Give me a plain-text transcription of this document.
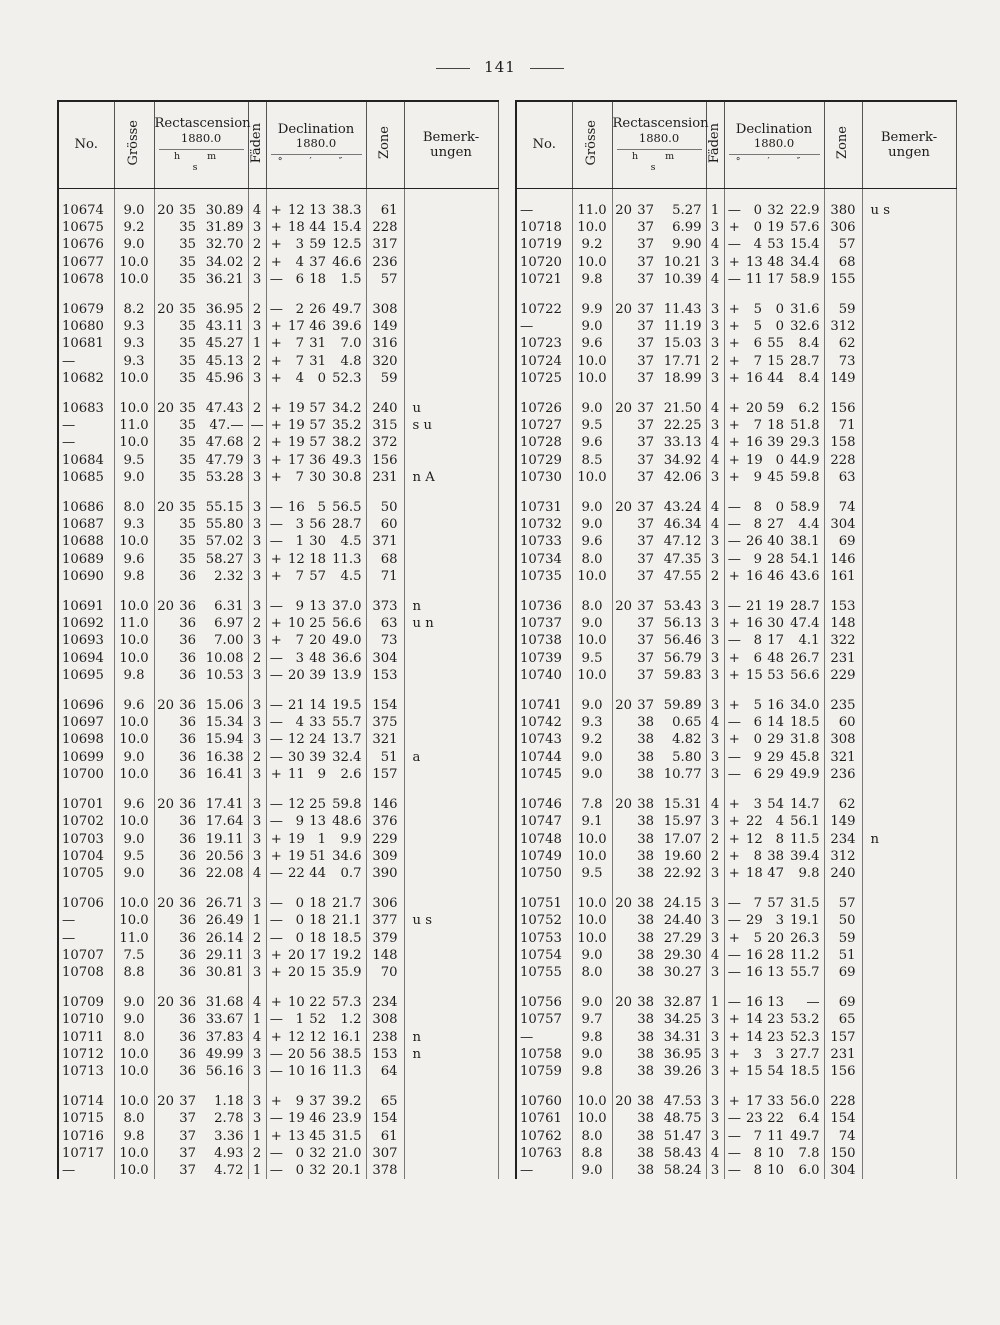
141
No.	Grösse	Rectascension
1880.0
h m s			Fäden	Declination
1880.0
° ′ ″				Zone	Bemerk- ungen

10674	9.0	20	35	30.89	4	+	12	13	38.3	61	
10675	9.2		35	31.89	3	+	18	44	15.4	228	
10676	9.0		35	32.70	2	+	3	59	12.5	317	
10677	10.0		35	34.02	2	+	4	37	46.6	236	
10678	10.0		35	36.21	3	—	6	18	1.5	57	

10679	8.2	20	35	36.95	2	—	2	26	49.7	308	
10680	9.3		35	43.11	3	+	17	46	39.6	149	
10681	9.3		35	45.27	1	+	7	31	7.0	316	
—	9.3		35	45.13	2	+	7	31	4.8	320	
10682	10.0		35	45.96	3	+	4	0	52.3	59	

10683	10.0	20	35	47.43	2	+	19	57	34.2	240	u
—	11.0		35	47.—	—	+	19	57	35.2	315	s u
—	10.0		35	47.68	2	+	19	57	38.2	372	
10684	9.5		35	47.79	3	+	17	36	49.3	156	
10685	9.0		35	53.28	3	+	7	30	30.8	231	n A

10686	8.0	20	35	55.15	3	—	16	5	56.5	50	
10687	9.3		35	55.80	3	—	3	56	28.7	60	
10688	10.0		35	57.02	3	—	1	30	4.5	371	
10689	9.6		35	58.27	3	+	12	18	11.3	68	
10690	9.8		36	2.32	3	+	7	57	4.5	71	

10691	10.0	20	36	6.31	3	—	9	13	37.0	373	n
10692	11.0		36	6.97	2	+	10	25	56.6	63	u n
10693	10.0		36	7.00	3	+	7	20	49.0	73	
10694	10.0		36	10.08	2	—	3	48	36.6	304	
10695	9.8		36	10.53	3	—	20	39	13.9	153	

10696	9.6	20	36	15.06	3	—	21	14	19.5	154	
10697	10.0		36	15.34	3	—	4	33	55.7	375	
10698	10.0		36	15.94	3	—	12	24	13.7	321	
10699	9.0		36	16.38	2	—	30	39	32.4	51	a
10700	10.0		36	16.41	3	+	11	9	2.6	157	

10701	9.6	20	36	17.41	3	—	12	25	59.8	146	
10702	10.0		36	17.64	3	—	9	13	48.6	376	
10703	9.0		36	19.11	3	+	19	1	9.9	229	
10704	9.5		36	20.56	3	+	19	51	34.6	309	
10705	9.0		36	22.08	4	—	22	44	0.7	390	

10706	10.0	20	36	26.71	3	—	0	18	21.7	306	
—	10.0		36	26.49	1	—	0	18	21.1	377	u s
—	11.0		36	26.14	2	—	0	18	18.5	379	
10707	7.5		36	29.11	3	+	20	17	19.2	148	
10708	8.8		36	30.81	3	+	20	15	35.9	70	

10709	9.0	20	36	31.68	4	+	10	22	57.3	234	
10710	9.0		36	33.67	1	—	1	52	1.2	308	
10711	8.0		36	37.83	4	+	12	12	16.1	238	n
10712	10.0		36	49.99	3	—	20	56	38.5	153	n
10713	10.0		36	56.16	3	—	10	16	11.3	64	

10714	10.0	20	37	1.18	3	+	9	37	39.2	65	
10715	8.0		37	2.78	3	—	19	46	23.9	154	
10716	9.8		37	3.36	1	+	13	45	31.5	61	
10717	10.0		37	4.93	2	—	0	32	21.0	307	
—	10.0		37	4.72	1	—	0	32	20.1	378	
No.	Grösse	Rectascension
1880.0
h m s			Fäden	Declination
1880.0
° ′ ″				Zone	Bemerk- ungen

—	11.0	20	37	5.27	1	—	0	32	22.9	380	u s
10718	10.0		37	6.99	3	+	0	19	57.6	306	
10719	9.2		37	9.90	4	—	4	53	15.4	57	
10720	10.0		37	10.21	3	+	13	48	34.4	68	
10721	9.8		37	10.39	4	—	11	17	58.9	155	

10722	9.9	20	37	11.43	3	+	5	0	31.6	59	
—	9.0		37	11.19	3	+	5	0	32.6	312	
10723	9.6		37	15.03	3	+	6	55	8.4	62	
10724	10.0		37	17.71	2	+	7	15	28.7	73	
10725	10.0		37	18.99	3	+	16	44	8.4	149	

10726	9.0	20	37	21.50	4	+	20	59	6.2	156	
10727	9.5		37	22.25	3	+	7	18	51.8	71	
10728	9.6		37	33.13	4	+	16	39	29.3	158	
10729	8.5		37	34.92	4	+	19	0	44.9	228	
10730	10.0		37	42.06	3	+	9	45	59.8	63	

10731	9.0	20	37	43.24	4	—	8	0	58.9	74	
10732	9.0		37	46.34	4	—	8	27	4.4	304	
10733	9.6		37	47.12	3	—	26	40	38.1	69	
10734	8.0		37	47.35	3	—	9	28	54.1	146	
10735	10.0		37	47.55	2	+	16	46	43.6	161	

10736	8.0	20	37	53.43	3	—	21	19	28.7	153	
10737	9.0		37	56.13	3	+	16	30	47.4	148	
10738	10.0		37	56.46	3	—	8	17	4.1	322	
10739	9.5		37	56.79	3	+	6	48	26.7	231	
10740	10.0		37	59.83	3	+	15	53	56.6	229	

10741	9.0	20	37	59.89	3	+	5	16	34.0	235	
10742	9.3		38	0.65	4	—	6	14	18.5	60	
10743	9.2		38	4.82	3	+	0	29	31.8	308	
10744	9.0		38	5.80	3	—	9	29	45.8	321	
10745	9.0		38	10.77	3	—	6	29	49.9	236	

10746	7.8	20	38	15.31	4	+	3	54	14.7	62	
10747	9.1		38	15.97	3	+	22	4	56.1	149	
10748	10.0		38	17.07	2	+	12	8	11.5	234	n
10749	10.0		38	19.60	2	+	8	38	39.4	312	
10750	9.5		38	22.92	3	+	18	47	9.8	240	

10751	10.0	20	38	24.15	3	—	7	57	31.5	57	
10752	10.0		38	24.40	3	—	29	3	19.1	50	
10753	10.0		38	27.29	3	+	5	20	26.3	59	
10754	9.0		38	29.30	4	—	16	28	11.2	51	
10755	8.0		38	30.27	3	—	16	13	55.7	69	

10756	9.0	20	38	32.87	1	—	16	13	—	69	
10757	9.7		38	34.25	3	+	14	23	53.2	65	
—	9.8		38	34.31	3	+	14	23	52.3	157	
10758	9.0		38	36.95	3	+	3	3	27.7	231	
10759	9.8		38	39.26	3	+	15	54	18.5	156	

10760	10.0	20	38	47.53	3	+	17	33	56.0	228	
10761	10.0		38	48.75	3	—	23	22	6.4	154	
10762	8.0		38	51.47	3	—	7	11	49.7	74	
10763	8.8		38	58.43	4	—	8	10	7.8	150	
—	9.0		38	58.24	3	—	8	10	6.0	304	
